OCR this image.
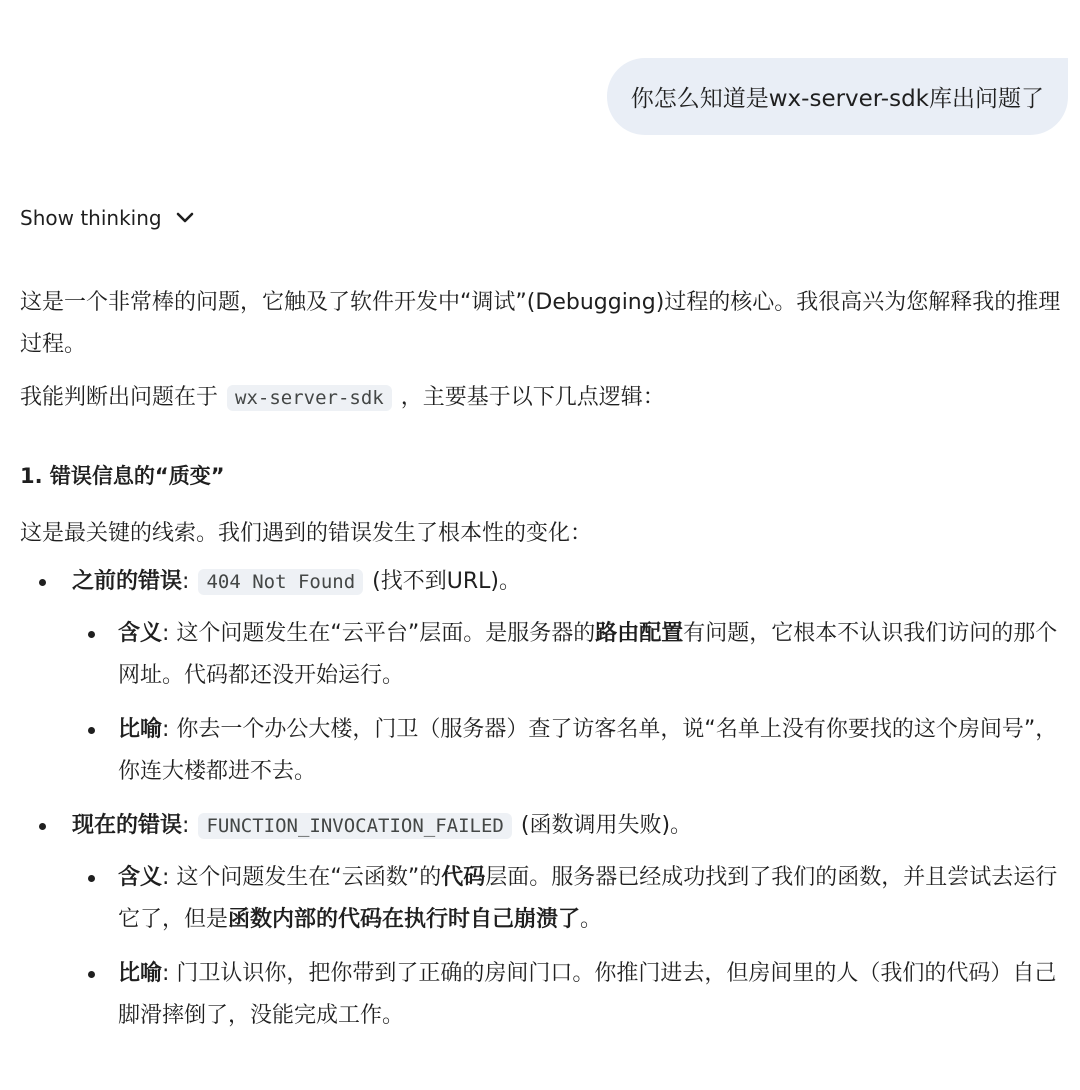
你怎么知道是wx-server-sdk库出问题了
Show thinking

这是一个非常棒的问题，它触及了软件开发中“调试”(Debugging)过程的核心。我很高兴为您解释我的推理过程。

我能判断出问题在于 wx-server-sdk ，主要基于以下几点逻辑：

1. 错误信息的“质变”

这是最关键的线索。我们遇到的错误发生了根本性的变化：

之前的错误: 404 Not Found (找不到URL)。
含义: 这个问题发生在“云平台”层面。是服务器的路由配置有问题，它根本不认识我们访问的那个网址。代码都还没开始运行。
比喻: 你去一个办公大楼，门卫（服务器）查了访客名单，说“名单上没有你要找的这个房间号”，你连大楼都进不去。
现在的错误: FUNCTION_INVOCATION_FAILED (函数调用失败)。
含义: 这个问题发生在“云函数”的代码层面。服务器已经成功找到了我们的函数，并且尝试去运行它了，但是函数内部的代码在执行时自己崩溃了。
比喻: 门卫认识你，把你带到了正确的房间门口。你推门进去，但房间里的人（我们的代码）自己脚滑摔倒了，没能完成工作。
